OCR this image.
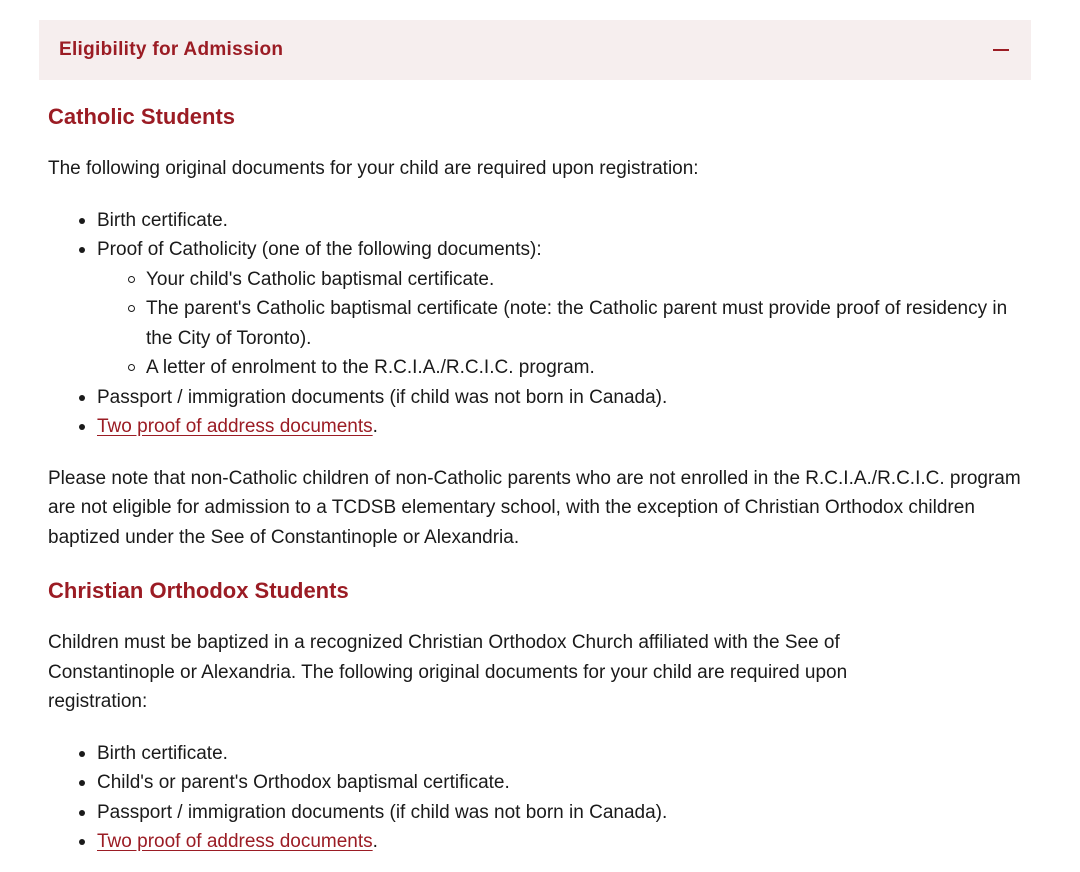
Eligibility for Admission
Catholic Students

The following original documents for your child are required upon registration:

Birth certificate.
Proof of Catholicity (one of the following documents):
Your child's Catholic baptismal certificate.
The parent's Catholic baptismal certificate (note: the Catholic parent must provide proof of residency in the City of Toronto).
A letter of enrolment to the R.C.I.A./R.C.I.C. program.
Passport / immigration documents (if child was not born in Canada).
Two proof of address documents.

Please note that non-Catholic children of non-Catholic parents who are not enrolled in the R.C.I.A./R.C.I.C. program are not eligible for admission to a TCDSB elementary school, with the exception of Christian Orthodox children baptized under the See of Constantinople or Alexandria.

Christian Orthodox Students

Children must be baptized in a recognized Christian Orthodox Church affiliated with the See of Constantinople or Alexandria. The following original documents for your child are required upon registration:

Birth certificate.
Child's or parent's Orthodox baptismal certificate.
Passport / immigration documents (if child was not born in Canada).
Two proof of address documents.
